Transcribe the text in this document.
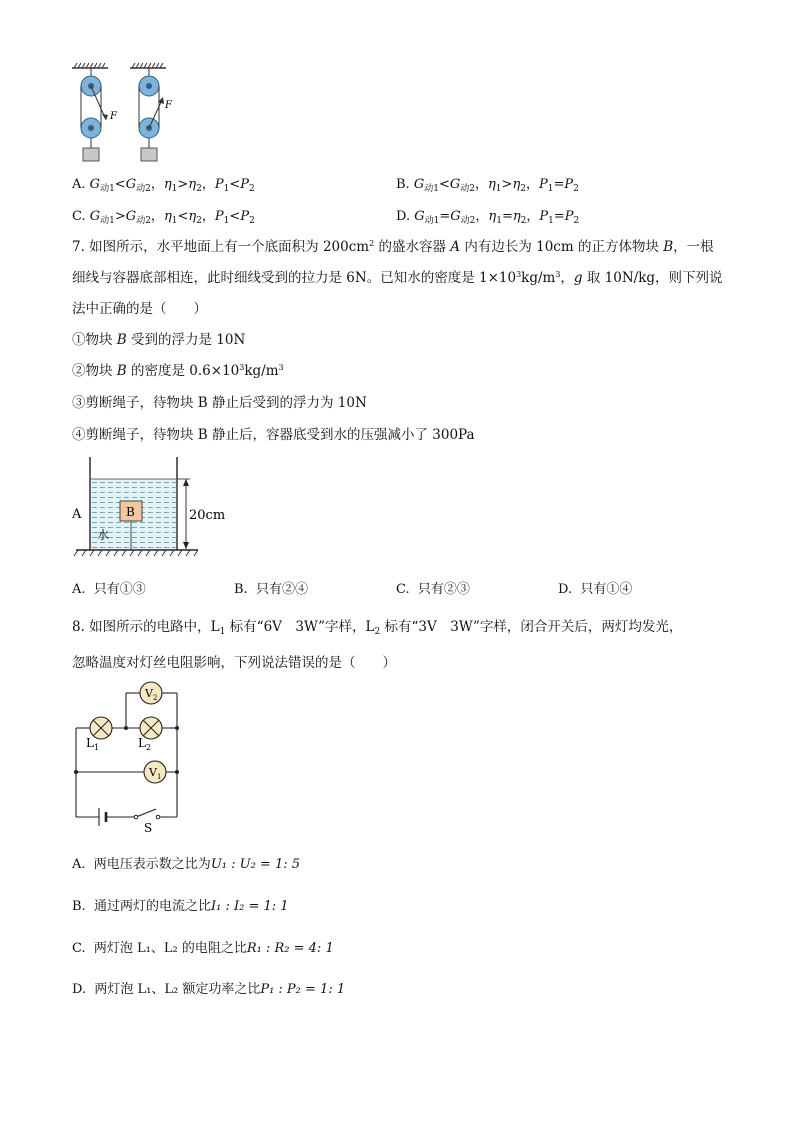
F
F
A. $G_{动1}<G_{动2}$，$\eta_1>\eta_2$，$P_1<P_2$	B. $G_{动1}<G_{动2}$，$\eta_1>\eta_2$，$P_1=P_2$
C. $G_{动1}>G_{动2}$，$\eta_1<\eta_2$，$P_1<P_2$	D. $G_{动1}=G_{动2}$，$\eta_1=\eta_2$，$P_1=P_2$
7. 如图所示，水平地面上有一个底面积为 $200cm^2$ 的盛水容器 A 内有边长为 10cm 的正方体物块 B，一根
细线与容器底部相连，此时细线受到的拉力是 6N。已知水的密度是 $1\times 10^3kg/m^3$，g 取 10N/kg，则下列说
法中正确的是（　　）
①物块 B 受到的浮力是 10N
②物块 B 的密度是 $0.6\times 10^3kg/m^3$
③剪断绳子，待物块 B 静止后受到的浮力为 10N
④剪断绳子，待物块 B 静止后，容器底受到水的压强减小了 300Pa
A	B
水
20cm
A. 只有①③	B. 只有②④	C. 只有②③	D. 只有①④
8. 如图所示的电路中，$L_1$ 标有“6V　3W”字样，$L_2$ 标有“3V　3W”字样，闭合开关后，两灯均发光，
忽略温度对灯丝电阻影响，下列说法错误的是（　　）
$V_2$
$V_1$
$L_1$	$L_2$
S
A. 两电压表示数之比为U₁ : U₂ = 1: 5
B. 通过两灯的电流之比I₁ : I₂ = 1: 1
C. 两灯泡 L₁、L₂ 的电阻之比R₁ : R₂ = 4: 1
D. 两灯泡 L₁、L₂ 额定功率之比P₁ : P₂ = 1: 1
